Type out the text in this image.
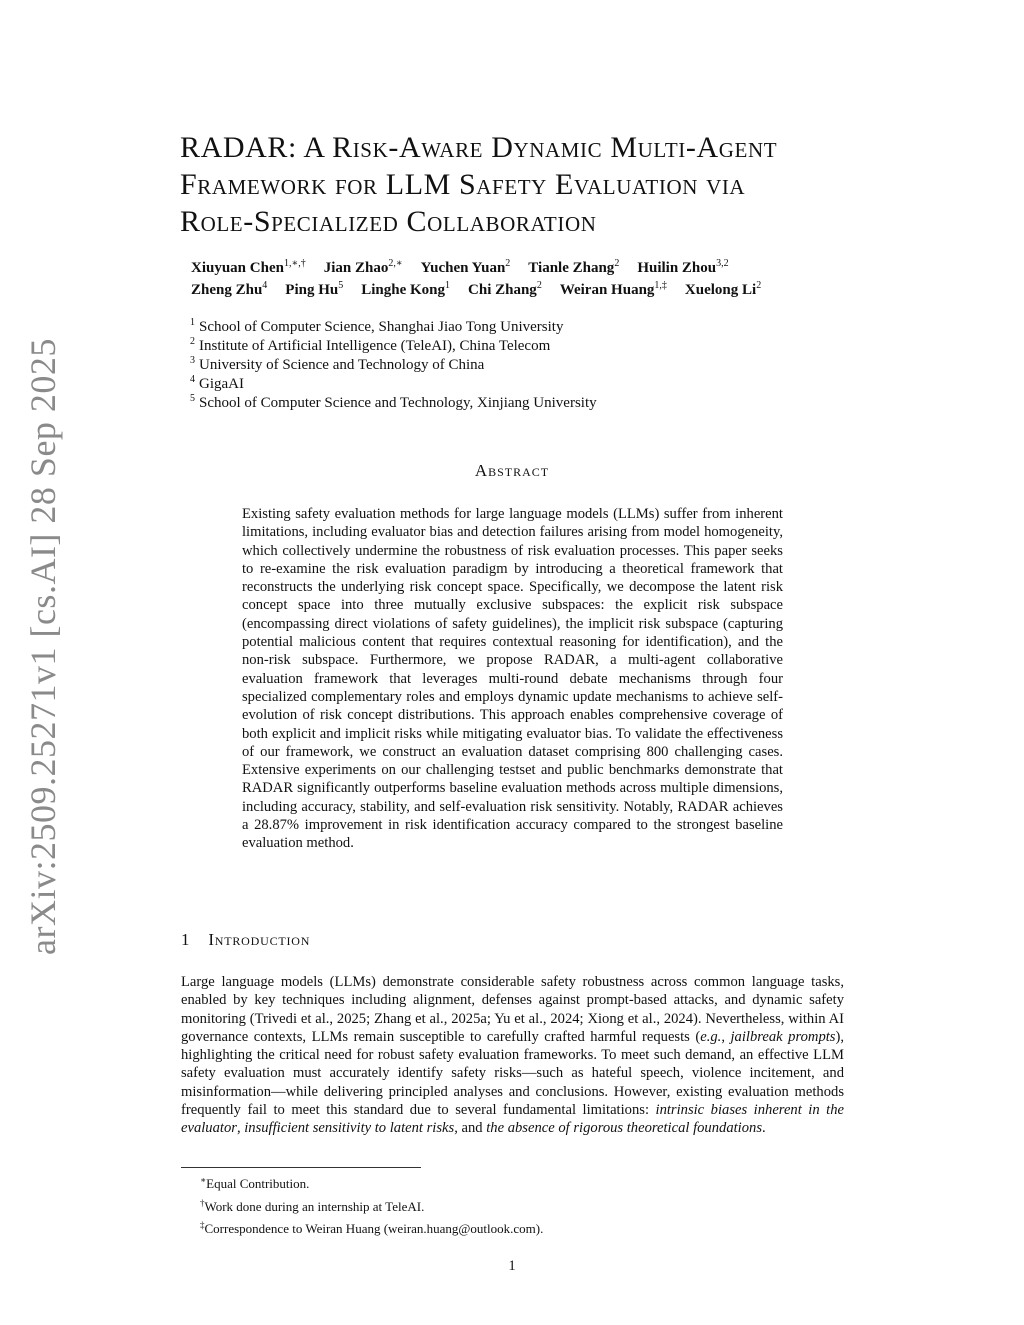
arXiv:2509.25271v1 [cs.AI] 28 Sep 2025
RADAR: A Risk-Aware Dynamic Multi-Agent
Framework for LLM Safety Evaluation via
Role-Specialized Collaboration
Xiuyuan Chen$^{1,∗,\dagger}$ Jian Zhao$^{2,∗}$ Yuchen Yuan$^2$ Tianle Zhang$^2$ Huilin Zhou$^{3,2}$
Zheng Zhu$^4$ Ping Hu$^5$ Linghe Kong$^1$ Chi Zhang$^2$ Weiran Huang$^{1,\ddagger}$ Xuelong Li$^2$
$^1$ School of Computer Science, Shanghai Jiao Tong University
$^2$ Institute of Artificial Intelligence (TeleAI), China Telecom
$^3$ University of Science and Technology of China
$^4$ GigaAI
$^5$ School of Computer Science and Technology, Xinjiang University
Abstract

Existing safety evaluation methods for large language models (LLMs) suffer from inherent limitations, including evaluator bias and detection failures arising from model homogeneity, which collectively undermine the robustness of risk evaluation processes. This paper seeks to re-examine the risk evaluation paradigm by introducing a theoretical framework that reconstructs the underlying risk concept space. Specifically, we decompose the latent risk concept space into three mutually exclusive subspaces: the explicit risk subspace (encompassing direct violations of safety guidelines), the implicit risk subspace (capturing potential malicious content that requires contextual reasoning for identification), and the non-risk subspace. Furthermore, we propose RADAR, a multi-agent collaborative evaluation framework that leverages multi-round debate mechanisms through four specialized complementary roles and employs dynamic update mechanisms to achieve self-evolution of risk concept distributions. This approach enables comprehensive coverage of both explicit and implicit risks while mitigating evaluator bias. To validate the effectiveness of our framework, we construct an evaluation dataset comprising 800 challenging cases. Extensive experiments on our challenging testset and public benchmarks demonstrate that RADAR significantly outperforms baseline evaluation methods across multiple dimensions, including accuracy, stability, and self-evaluation risk sensitivity. Notably, RADAR achieves a 28.87% improvement in risk identification accuracy compared to the strongest baseline evaluation method.

1 Introduction

Large language models (LLMs) demonstrate considerable safety robustness across common language tasks, enabled by key techniques including alignment, defenses against prompt-based attacks, and dynamic safety monitoring (Trivedi et al., 2025; Zhang et al., 2025a; Yu et al., 2024; Xiong et al., 2024). Nevertheless, within AI governance contexts, LLMs remain susceptible to carefully crafted harmful requests (e.g., jailbreak prompts), highlighting the critical need for robust safety evaluation frameworks. To meet such demand, an effective LLM safety evaluation must accurately identify safety risks—such as hateful speech, violence incitement, and misinformation—while delivering principled analyses and conclusions. However, existing evaluation methods frequently fail to meet this standard due to several fundamental limitations: intrinsic biases inherent in the evaluator, insufficient sensitivity to latent risks, and the absence of rigorous theoretical foundations.

∗Equal Contribution.
†Work done during an internship at TeleAI.
‡Correspondence to Weiran Huang (weiran.huang@outlook.com).
1
